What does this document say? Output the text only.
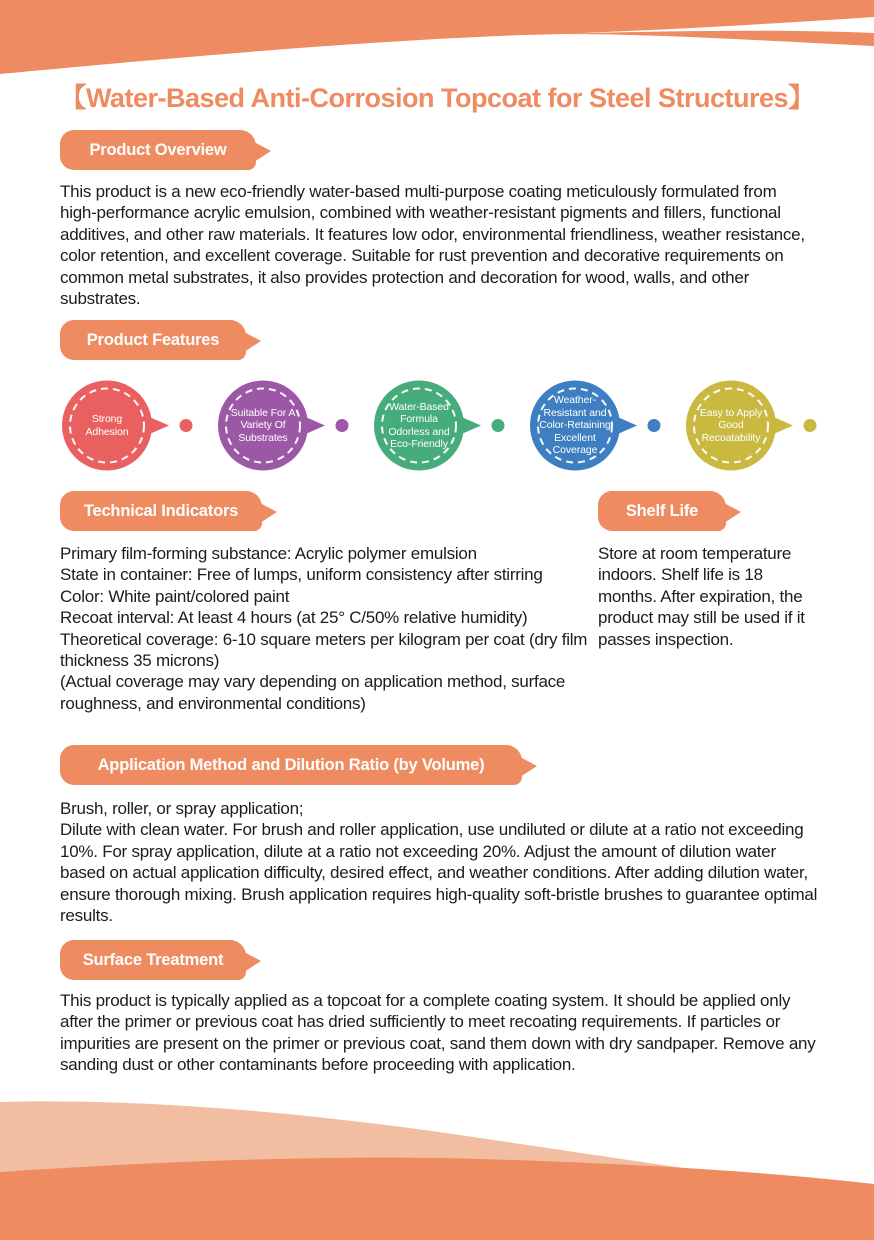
【Water-Based Anti-Corrosion Topcoat for Steel Structures】
Product Overview

This product is a new eco-friendly water-based multi-purpose coating meticulously formulated from high-performance acrylic emulsion, combined with weather-resistant pigments and fillers, functional additives, and other raw materials. It features low odor, environmental friendliness, weather resistance, color retention, and excellent coverage. Suitable for rust prevention and decorative requirements on common metal substrates, it also provides protection and decoration for wood, walls, and other substrates.

Product Features
Strong Adhesion
Suitable For A Variety Of Substrates
Water-Based Formula Odorless and Eco-Friendly
Weather-Resistant and Color-Retaining Excellent Coverage
Easy to Apply Good Recoatability
Technical Indicators	Shelf Life

Primary film-forming substance: Acrylic polymer emulsion

State in container: Free of lumps, uniform consistency after stirring

Color: White paint/colored paint

Recoat interval: At least 4 hours (at 25° C/50% relative humidity)

Theoretical coverage: 6-10 square meters per kilogram per coat (dry film thickness 35 microns)

(Actual coverage may vary depending on application method, surface roughness, and environmental conditions)

Store at room temperature indoors. Shelf life is 18 months. After expiration, the product may still be used if it passes inspection.

Application Method and Dilution Ratio (by Volume)

Brush, roller, or spray application;

Dilute with clean water. For brush and roller application, use undiluted or dilute at a ratio not exceeding 10%. For spray application, dilute at a ratio not exceeding 20%. Adjust the amount of dilution water based on actual application difficulty, desired effect, and weather conditions. After adding dilution water, ensure thorough mixing. Brush application requires high-quality soft-bristle brushes to guarantee optimal results.

Surface Treatment

This product is typically applied as a topcoat for a complete coating system. It should be applied only after the primer or previous coat has dried sufficiently to meet recoating requirements. If particles or impurities are present on the primer or previous coat, sand them down with dry sandpaper. Remove any sanding dust or other contaminants before proceeding with application.
